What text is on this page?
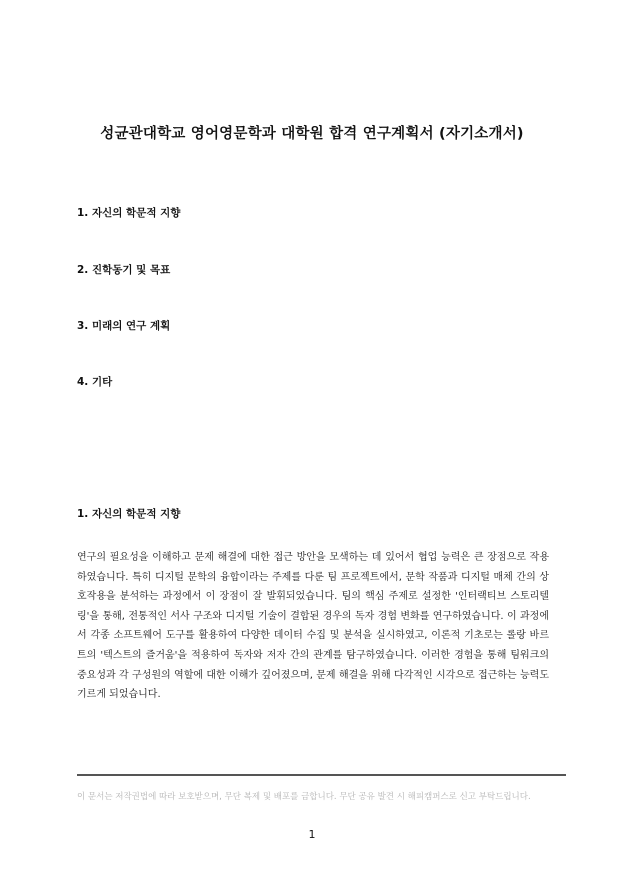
성균관대학교 영어영문학과 대학원 합격 연구계획서 (자기소개서)
1. 자신의 학문적 지향
2. 진학동기 및 목표
3. 미래의 연구 계획
4. 기타
1. 자신의 학문적 지향
연구의 필요성을 이해하고 문제 해결에 대한 접근 방안을 모색하는 데 있어서 협업 능력은 큰 장점으로 작용하였습니다. 특히 디지털 문학의 융합이라는 주제를 다룬 팀 프로젝트에서, 문학 작품과 디지털 매체 간의 상호작용을 분석하는 과정에서 이 장점이 잘 발휘되었습니다. 팀의 핵심 주제로 설정한 '인터랙티브 스토리텔링'을 통해, 전통적인 서사 구조와 디지털 기술이 결합된 경우의 독자 경험 변화를 연구하였습니다. 이 과정에서 각종 소프트웨어 도구를 활용하여 다양한 데이터 수집 및 분석을 실시하였고, 이론적 기초로는 롤랑 바르트의 '텍스트의 즐거움'을 적용하여 독자와 저자 간의 관계를 탐구하였습니다. 이러한 경험을 통해 팀워크의 중요성과 각 구성원의 역할에 대한 이해가 깊어졌으며, 문제 해결을 위해 다각적인 시각으로 접근하는 능력도 기르게 되었습니다.
이 문서는 저작권법에 따라 보호받으며, 무단 복제 및 배포를 금합니다. 무단 공유 발견 시 해피캠퍼스로 신고 부탁드립니다.
1
